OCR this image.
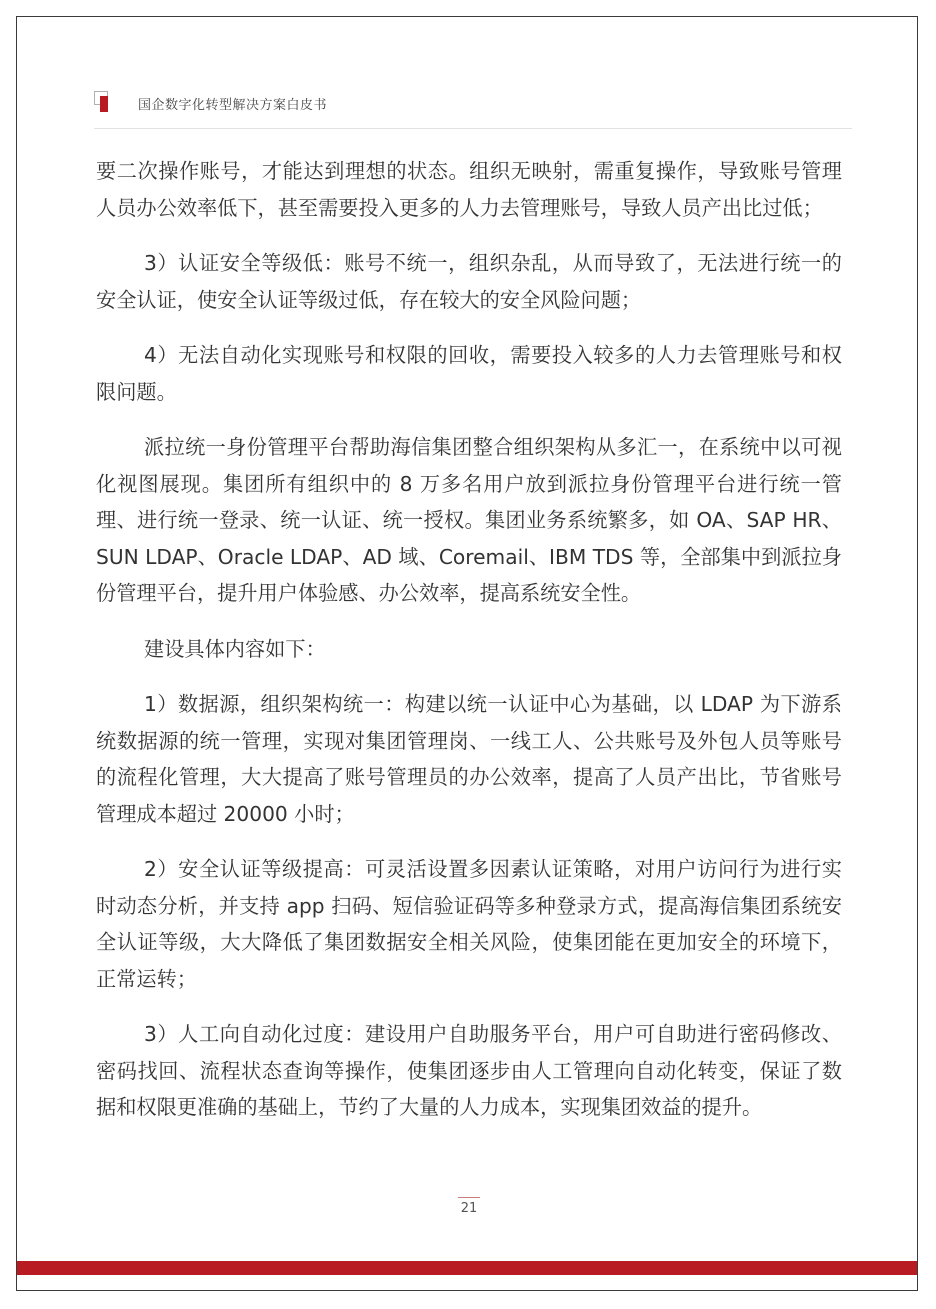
国企数字化转型解决方案白皮书

要二次操作账号，才能达到理想的状态。组织无映射，需重复操作，导致账号管理人员办公效率低下，甚至需要投入更多的人力去管理账号，导致人员产出比过低；

3）认证安全等级低：账号不统一，组织杂乱，从而导致了，无法进行统一的安全认证，使安全认证等级过低，存在较大的安全风险问题；

4）无法自动化实现账号和权限的回收，需要投入较多的人力去管理账号和权限问题。

派拉统一身份管理平台帮助海信集团整合组织架构从多汇一，在系统中以可视化视图展现。集团所有组织中的 8 万多名用户放到派拉身份管理平台进行统一管理、进行统一登录、统一认证、统一授权。集团业务系统繁多，如 OA、SAP HR、SUN LDAP、Oracle LDAP、AD 域、Coremail、IBM TDS 等，全部集中到派拉身份管理平台，提升用户体验感、办公效率，提高系统安全性。

建设具体内容如下：

1）数据源，组织架构统一：构建以统一认证中心为基础，以 LDAP 为下游系统数据源的统一管理，实现对集团管理岗、一线工人、公共账号及外包人员等账号的流程化管理，大大提高了账号管理员的办公效率，提高了人员产出比，节省账号管理成本超过 20000 小时；

2）安全认证等级提高：可灵活设置多因素认证策略，对用户访问行为进行实时动态分析，并支持 app 扫码、短信验证码等多种登录方式，提高海信集团系统安全认证等级，大大降低了集团数据安全相关风险，使集团能在更加安全的环境下，正常运转；

3）人工向自动化过度：建设用户自助服务平台，用户可自助进行密码修改、密码找回、流程状态查询等操作，使集团逐步由人工管理向自动化转变，保证了数据和权限更准确的基础上，节约了大量的人力成本，实现集团效益的提升。

21
